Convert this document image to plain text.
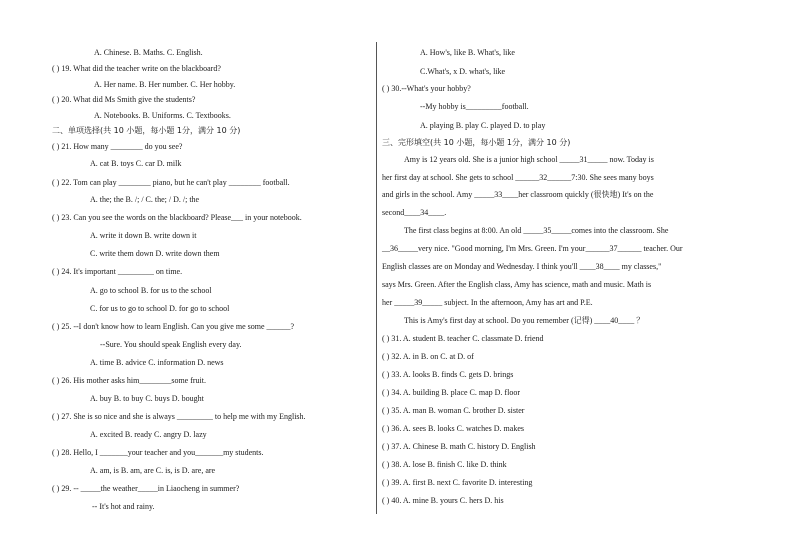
A. Chinese. B. Maths. C. English.
( ) 19. What did the teacher write on the blackboard?
A. Her name. B. Her number. C. Her hobby.
( ) 20. What did Ms Smith give the students?
A. Notebooks. B. Uniforms. C. Textbooks.
二、单项选择(共 10 小题，每小题 1分，满分 10 分)
( ) 21. How many ________ do you see?
A. cat B. toys C. car D. milk
( ) 22. Tom can play ________ piano, but he can't play ________ football.
A. the; the B. /; / C. the; / D. /; the
( ) 23. Can you see the words on the blackboard? Please___ in your notebook.
A. write it down B. write down it
C. write them down D. write down them
( ) 24. It's important _________ on time.
A. go to school B. for us to the school
C. for us to go to school D. for go to school
( ) 25. --I don't know how to learn English. Can you give me some ______?
--Sure. You should speak English every day.
A. time B. advice C. information D. news
( ) 26. His mother asks him________some fruit.
A. buy B. to buy C. buys D. bought
( ) 27. She is so nice and she is always _________ to help me with my English.
A. excited B. ready C. angry D. lazy
( ) 28. Hello, I _______your teacher and you_______my students.
A. am, is B. am, are C. is, is D. are, are
( ) 29. -- _____the weather_____in Liaocheng in summer?
-- It's hot and rainy.
A. How's, like B. What's, like
C.What's, x D. what's, like
( ) 30.--What's your hobby?
--My hobby is_________football.
A. playing B. play C. played D. to play
三、完形填空(共 10 小题，每小题 1分，满分 10 分)
Amy is 12 years old. She is a junior high school _____31_____ now. Today is
her first day at school. She gets to school ______32______7:30. She sees many boys
and girls in the school. Amy _____33____her classroom quickly (很快地) It's on the
second____34____.
The first class begins at 8:00. An old _____35_____comes into the classroom. She
__36_____very nice. "Good morning, I'm Mrs. Green. I'm your______37______ teacher. Our
English classes are on Monday and Wednesday. I think you'll ____38____ my classes,"
says Mrs. Green. After the English class, Amy has science, math and music. Math is
her _____39_____ subject. In the afternoon, Amy has art and P.E.
This is Amy's first day at school. Do you remember (记得) ____40____ ？
( ) 31. A. student B. teacher C. classmate D. friend
( ) 32. A. in B. on C. at D. of
( ) 33. A. looks B. finds C. gets D. brings
( ) 34. A. building B. place C. map D. floor
( ) 35. A. man B. woman C. brother D. sister
( ) 36. A. sees B. looks C. watches D. makes
( ) 37. A. Chinese B. math C. history D. English
( ) 38. A. lose B. finish C. like D. think
( ) 39. A. first B. next C. favorite D. interesting
( ) 40. A. mine B. yours C. hers D. his
